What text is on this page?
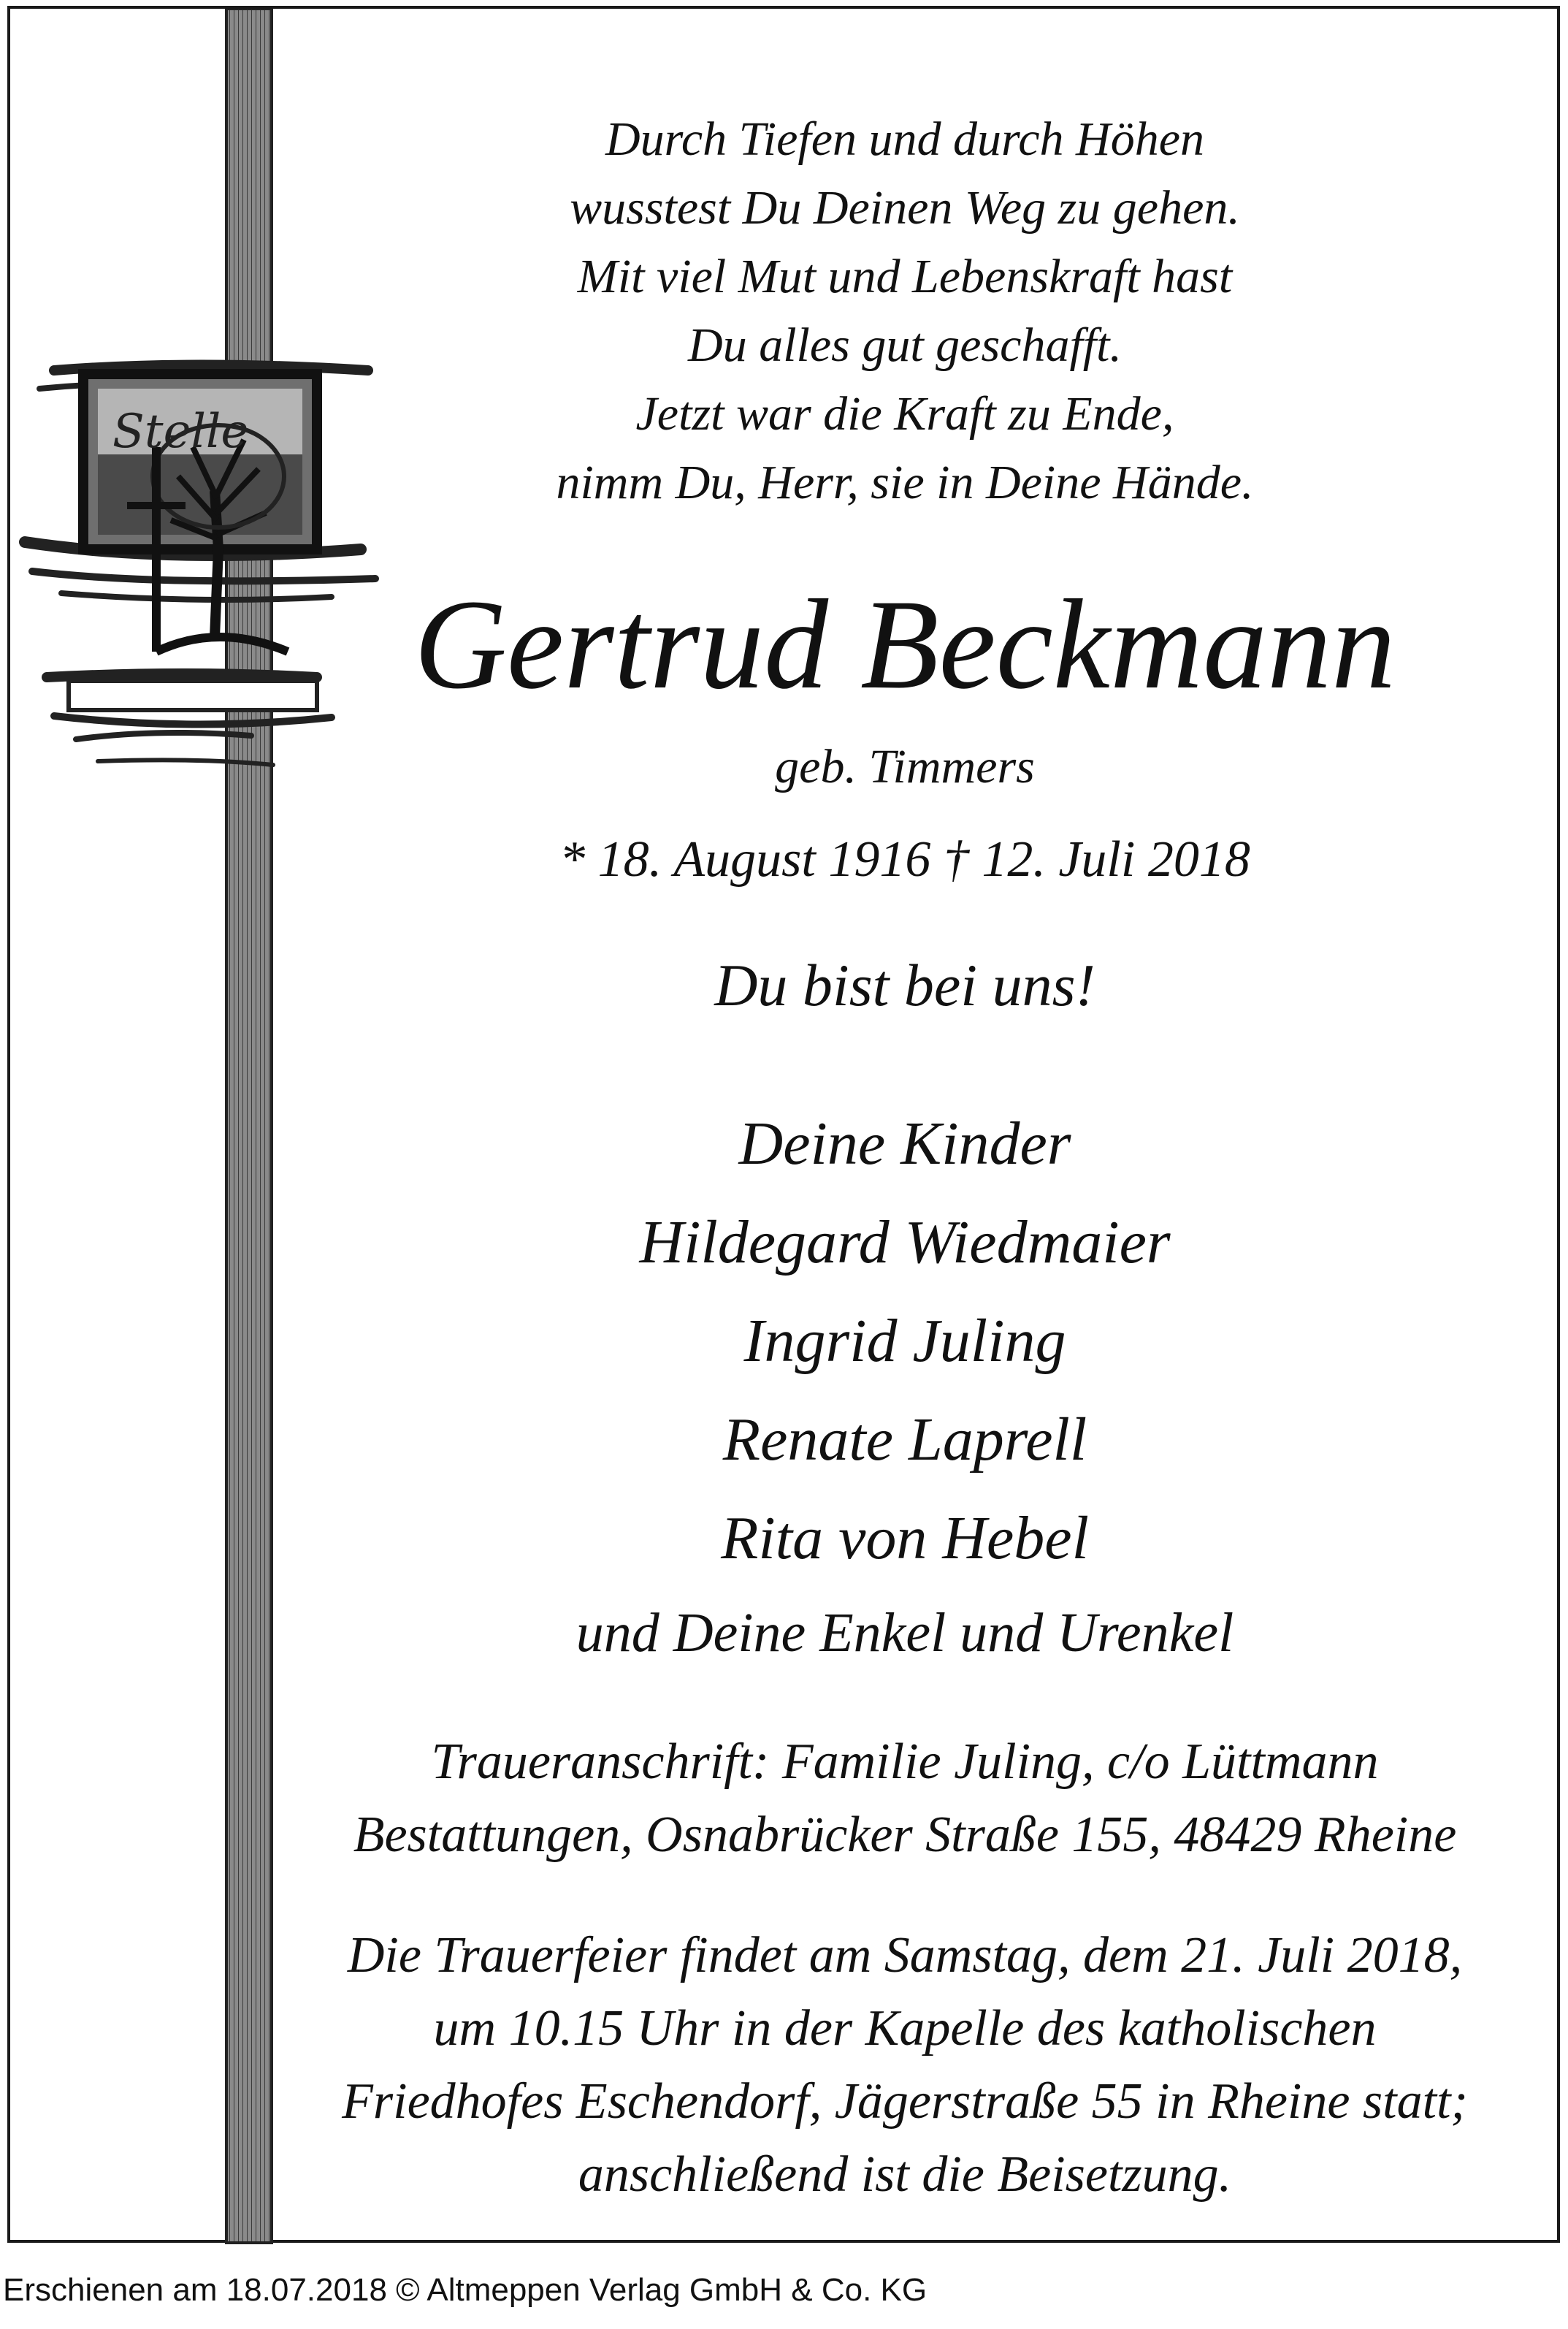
Stelle
Durch Tiefen und durch Höhen
wusstest Du Deinen Weg zu gehen.
Mit viel Mut und Lebenskraft hast
Du alles gut geschafft.
Jetzt war die Kraft zu Ende,
nimm Du, Herr, sie in Deine Hände.
Gertrud Beckmann
geb. Timmers
* 18. August 1916 † 12. Juli 2018
Du bist bei uns!
Deine Kinder
Hildegard Wiedmaier
Ingrid Juling
Renate Laprell
Rita von Hebel
und Deine Enkel und Urenkel
Traueranschrift: Familie Juling, c/o Lüttmann
Bestattungen, Osnabrücker Straße 155, 48429 Rheine
Die Trauerfeier findet am Samstag, dem 21. Juli 2018,
um 10.15 Uhr in der Kapelle des katholischen
Friedhofes Eschendorf, Jägerstraße 55 in Rheine statt;
anschließend ist die Beisetzung.
Erschienen am 18.07.2018 © Altmeppen Verlag GmbH & Co. KG
